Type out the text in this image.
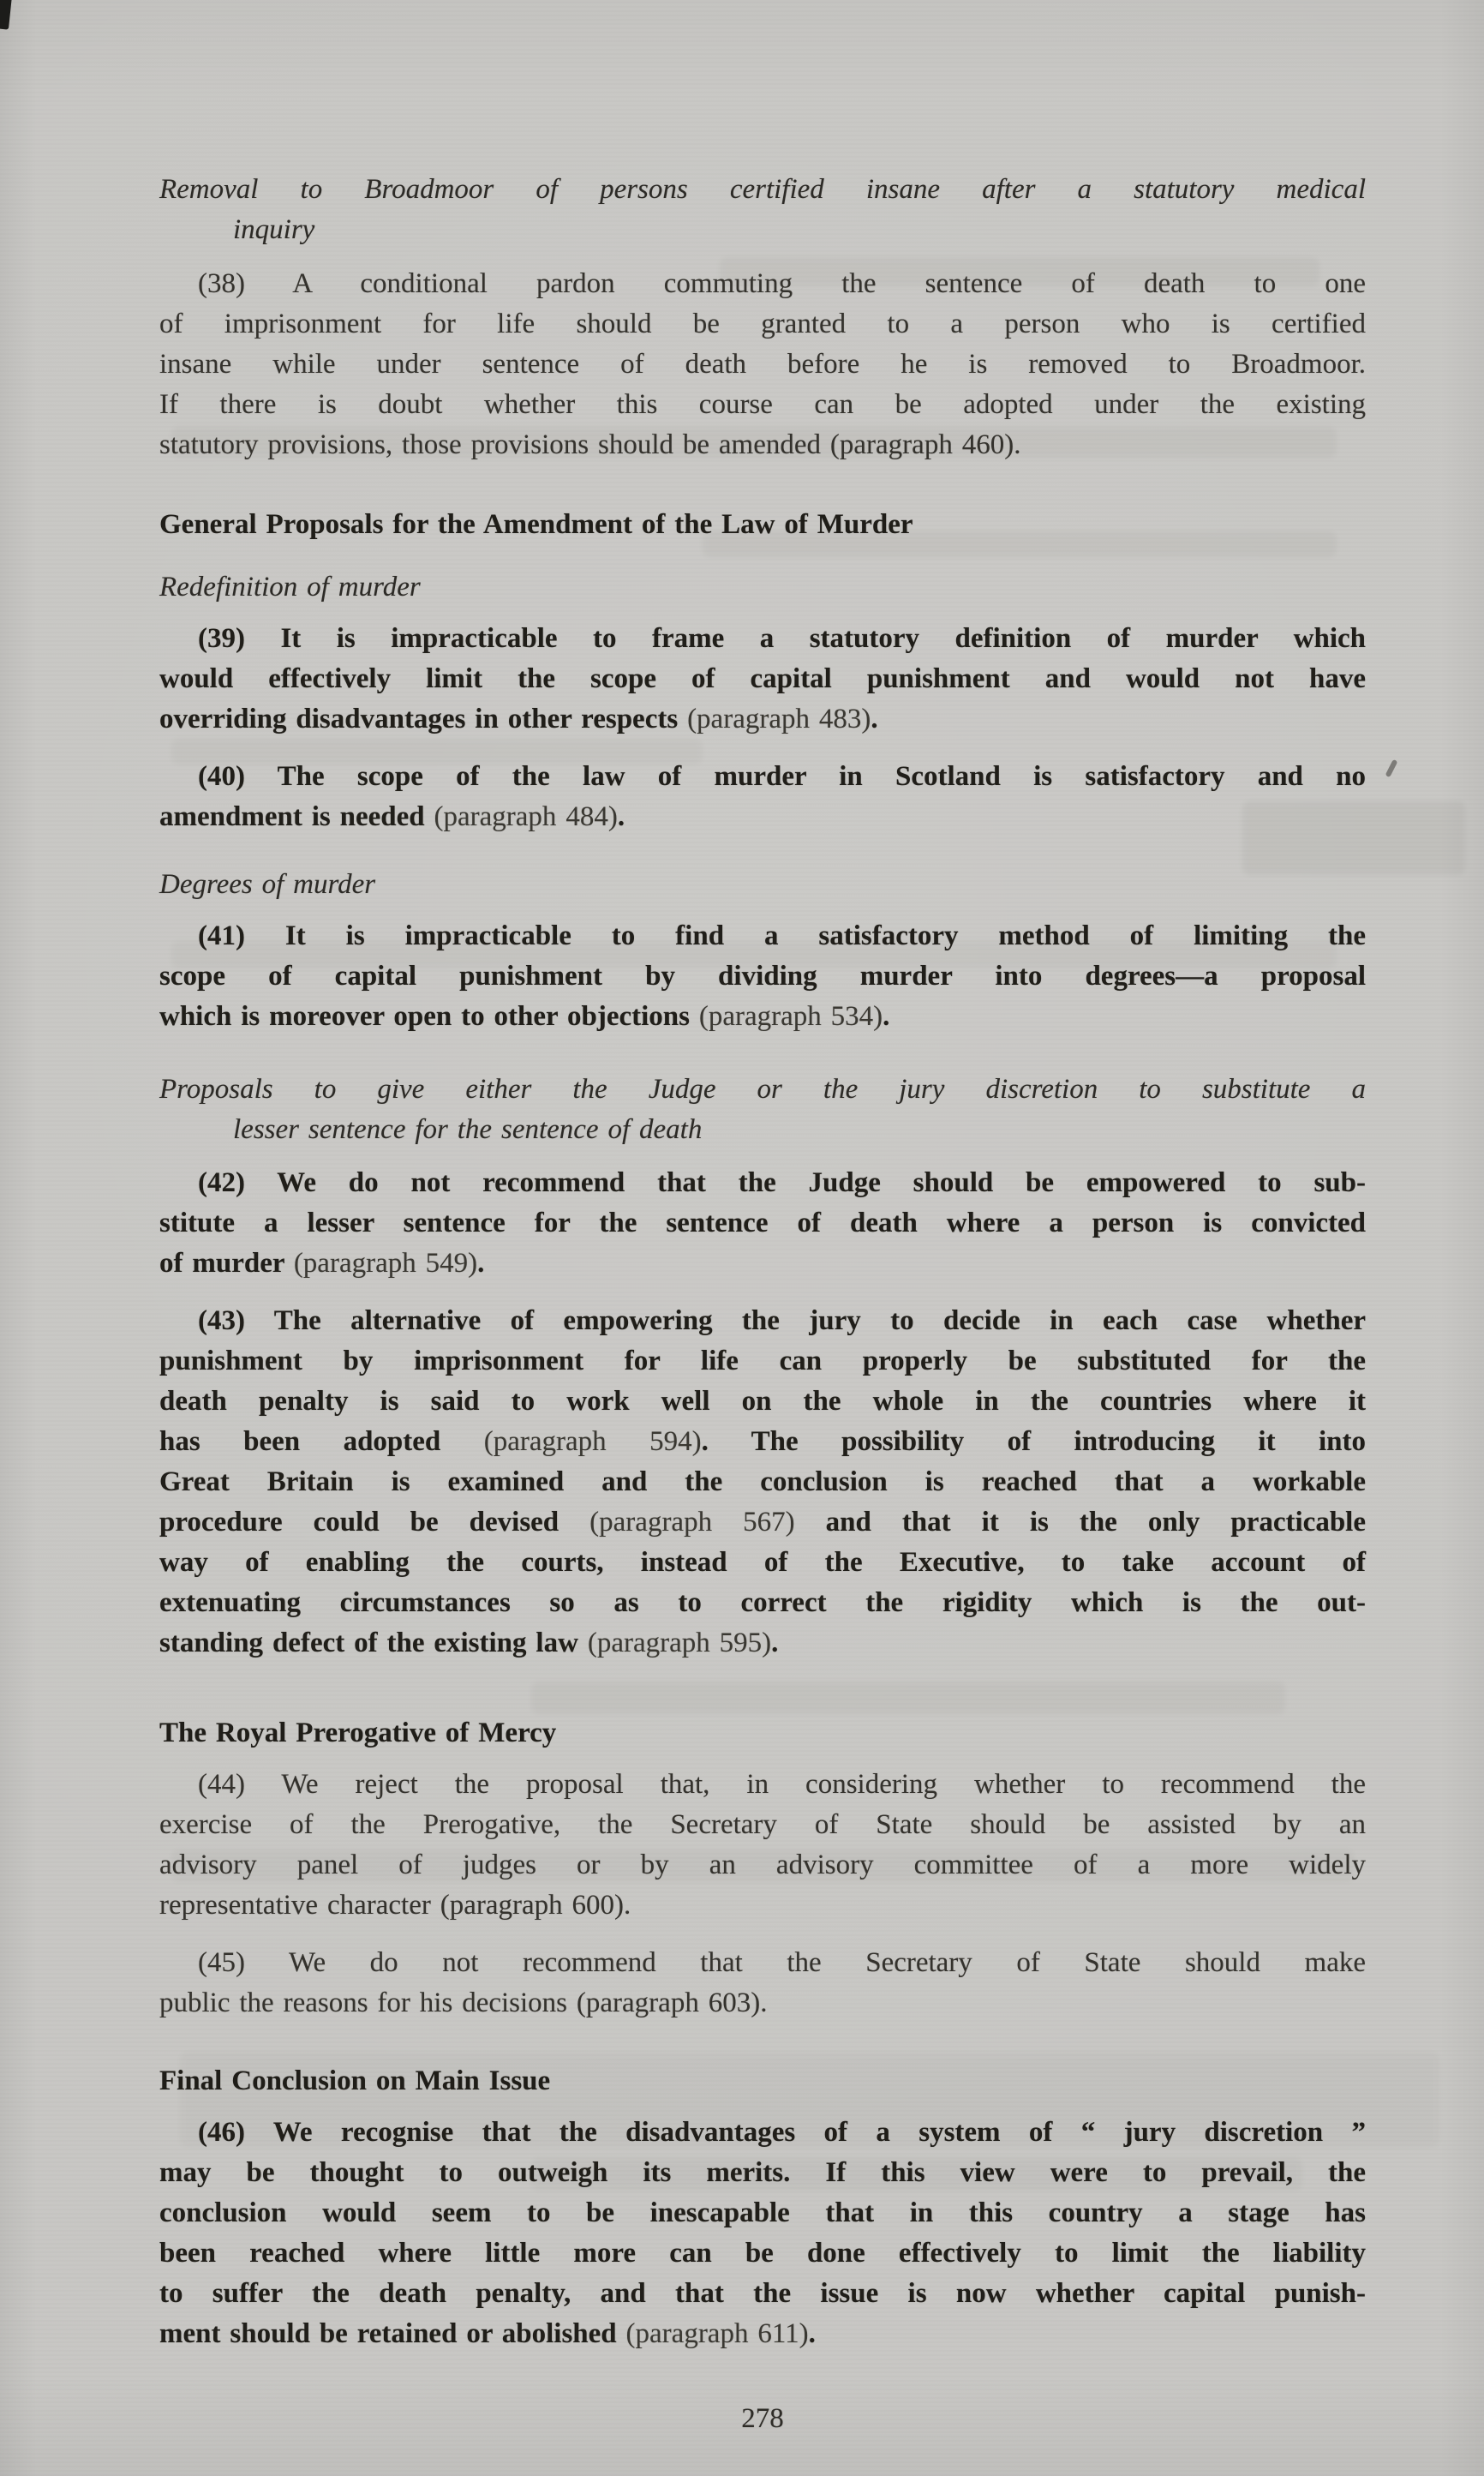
Removal to Broadmoor of persons certified insane after a statutory medical
inquiry
(38) A conditional pardon commuting the sentence of death to one
of imprisonment for life should be granted to a person who is certified
insane while under sentence of death before he is removed to Broadmoor.
If there is doubt whether this course can be adopted under the existing
statutory provisions, those provisions should be amended (paragraph 460).
General Proposals for the Amendment of the Law of Murder
Redefinition of murder
(39) It is impracticable to frame a statutory definition of murder which
would effectively limit the scope of capital punishment and would not have
overriding disadvantages in other respects (paragraph 483).
(40) The scope of the law of murder in Scotland is satisfactory and no
amendment is needed (paragraph 484).
Degrees of murder
(41) It is impracticable to find a satisfactory method of limiting the
scope of capital punishment by dividing murder into degrees—a proposal
which is moreover open to other objections (paragraph 534).
Proposals to give either the Judge or the jury discretion to substitute a
lesser sentence for the sentence of death
(42) We do not recommend that the Judge should be empowered to sub-
stitute a lesser sentence for the sentence of death where a person is convicted
of murder (paragraph 549).
(43) The alternative of empowering the jury to decide in each case whether
punishment by imprisonment for life can properly be substituted for the
death penalty is said to work well on the whole in the countries where it
has been adopted (paragraph 594). The possibility of introducing it into
Great Britain is examined and the conclusion is reached that a workable
procedure could be devised (paragraph 567) and that it is the only practicable
way of enabling the courts, instead of the Executive, to take account of
extenuating circumstances so as to correct the rigidity which is the out-
standing defect of the existing law (paragraph 595).
The Royal Prerogative of Mercy
(44) We reject the proposal that, in considering whether to recommend the
exercise of the Prerogative, the Secretary of State should be assisted by an
advisory panel of judges or by an advisory committee of a more widely
representative character (paragraph 600).
(45) We do not recommend that the Secretary of State should make
public the reasons for his decisions (paragraph 603).
Final Conclusion on Main Issue
(46) We recognise that the disadvantages of a system of “ jury discretion ”
may be thought to outweigh its merits. If this view were to prevail, the
conclusion would seem to be inescapable that in this country a stage has
been reached where little more can be done effectively to limit the liability
to suffer the death penalty, and that the issue is now whether capital punish-
ment should be retained or abolished (paragraph 611).
278
